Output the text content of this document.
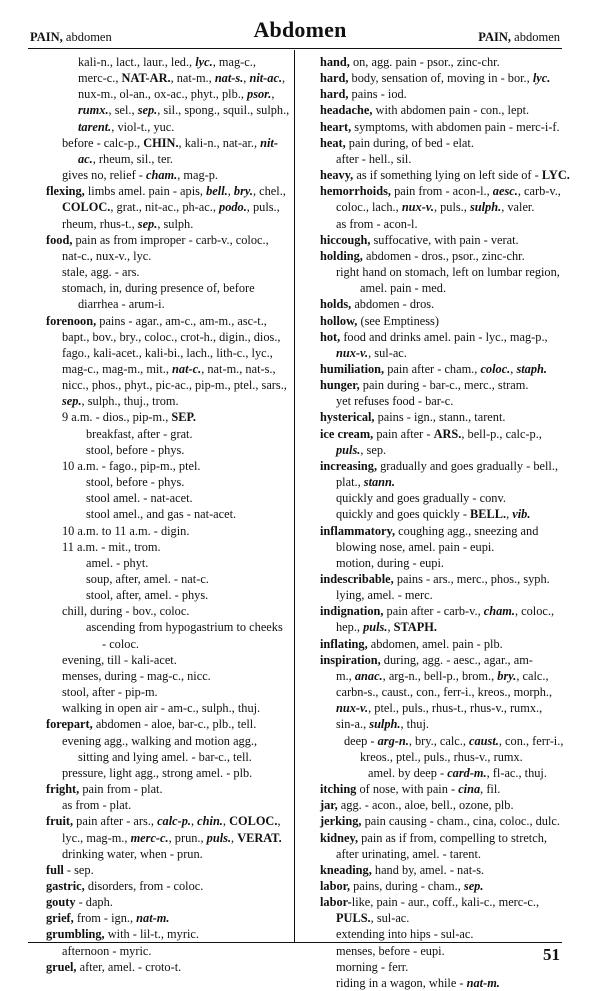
PAIN, abdomen	Abdomen	PAIN, abdomen
kali-n., lact., laur., led., lyc., mag-c.,
merc-c., NAT-AR., nat-m., nat-s., nit-ac.,
nux-m., ol-an., ox-ac., phyt., plb., psor.,
rumx., sel., sep., sil., spong., squil., sulph.,
tarent., viol-t., yuc.
before - calc-p., CHIN., kali-n., nat-ar., nit-
ac., rheum, sil., ter.
gives no, relief - cham., mag-p.
flexing, limbs amel. pain - apis, bell., bry., chel.,
COLOC., grat., nit-ac., ph-ac., podo., puls.,
rheum, rhus-t., sep., sulph.
food, pain as from improper - carb-v., coloc.,
nat-c., nux-v., lyc.
stale, agg. - ars.
stomach, in, during presence of, before
diarrhea - arum-i.
forenoon, pains - agar., am-c., am-m., asc-t.,
bapt., bov., bry., coloc., crot-h., digin., dios.,
fago., kali-acet., kali-bi., lach., lith-c., lyc.,
mag-c., mag-m., mit., nat-c., nat-m., nat-s.,
nicc., phos., phyt., pic-ac., pip-m., ptel., sars.,
sep., sulph., thuj., trom.
9 a.m. - dios., pip-m., SEP.
breakfast, after - grat.
stool, before - phys.
10 a.m. - fago., pip-m., ptel.
stool, before - phys.
stool amel. - nat-acet.
stool amel., and gas - nat-acet.
10 a.m. to 11 a.m. - digin.
11 a.m. - mit., trom.
amel. - phyt.
soup, after, amel. - nat-c.
stool, after, amel. - phys.
chill, during - bov., coloc.
ascending from hypogastrium to cheeks
- coloc.
evening, till - kali-acet.
menses, during - mag-c., nicc.
stool, after - pip-m.
walking in open air - am-c., sulph., thuj.
forepart, abdomen - aloe, bar-c., plb., tell.
evening agg., walking and motion agg.,
sitting and lying amel. - bar-c., tell.
pressure, light agg., strong amel. - plb.
fright, pain from - plat.
as from - plat.
fruit, pain after - ars., calc-p., chin., COLOC.,
lyc., mag-m., merc-c., prun., puls., VERAT.
drinking water, when - prun.
full - sep.
gastric, disorders, from - coloc.
gouty - daph.
grief, from - ign., nat-m.
grumbling, with - lil-t., myric.
afternoon - myric.
gruel, after, amel. - croto-t.
hand, on, agg. pain - psor., zinc-chr.
hard, body, sensation of, moving in - bor., lyc.
hard, pains - iod.
headache, with abdomen pain - con., lept.
heart, symptoms, with abdomen pain - merc-i-f.
heat, pain during, of bed - elat.
after - hell., sil.
heavy, as if something lying on left side of - LYC.
hemorrhoids, pain from - acon-l., aesc., carb-v.,
coloc., lach., nux-v., puls., sulph., valer.
as from - acon-l.
hiccough, suffocative, with pain - verat.
holding, abdomen - dros., psor., zinc-chr.
right hand on stomach, left on lumbar region,
amel. pain - med.
holds, abdomen - dros.
hollow, (see Emptiness)
hot, food and drinks amel. pain - lyc., mag-p.,
nux-v., sul-ac.
humiliation, pain after - cham., coloc., staph.
hunger, pain during - bar-c., merc., stram.
yet refuses food - bar-c.
hysterical, pains - ign., stann., tarent.
ice cream, pain after - ARS., bell-p., calc-p.,
puls., sep.
increasing, gradually and goes gradually - bell.,
plat., stann.
quickly and goes gradually - conv.
quickly and goes quickly - BELL., vib.
inflammatory, coughing agg., sneezing and
blowing nose, amel. pain - eupi.
motion, during - eupi.
indescribable, pains - ars., merc., phos., syph.
lying, amel. - merc.
indignation, pain after - carb-v., cham., coloc.,
hep., puls., STAPH.
inflating, abdomen, amel. pain - plb.
inspiration, during, agg. - aesc., agar., am-
m., anac., arg-n., bell-p., brom., bry., calc.,
carbn-s., caust., con., ferr-i., kreos., morph.,
nux-v., ptel., puls., rhus-t., rhus-v., rumx.,
sin-a., sulph., thuj.
deep - arg-n., bry., calc., caust., con., ferr-i.,
kreos., ptel., puls., rhus-v., rumx.
amel. by deep - card-m., fl-ac., thuj.
itching of nose, with pain - cina, fil.
jar, agg. - acon., aloe, bell., ozone, plb.
jerking, pain causing - cham., cina, coloc., dulc.
kidney, pain as if from, compelling to stretch,
after urinating, amel. - tarent.
kneading, hand by, amel. - nat-s.
labor, pains, during - cham., sep.
labor-like, pain - aur., coff., kali-c., merc-c.,
PULS., sul-ac.
extending into hips - sul-ac.
menses, before - eupi.
morning - ferr.
riding in a wagon, while - nat-m.
51
